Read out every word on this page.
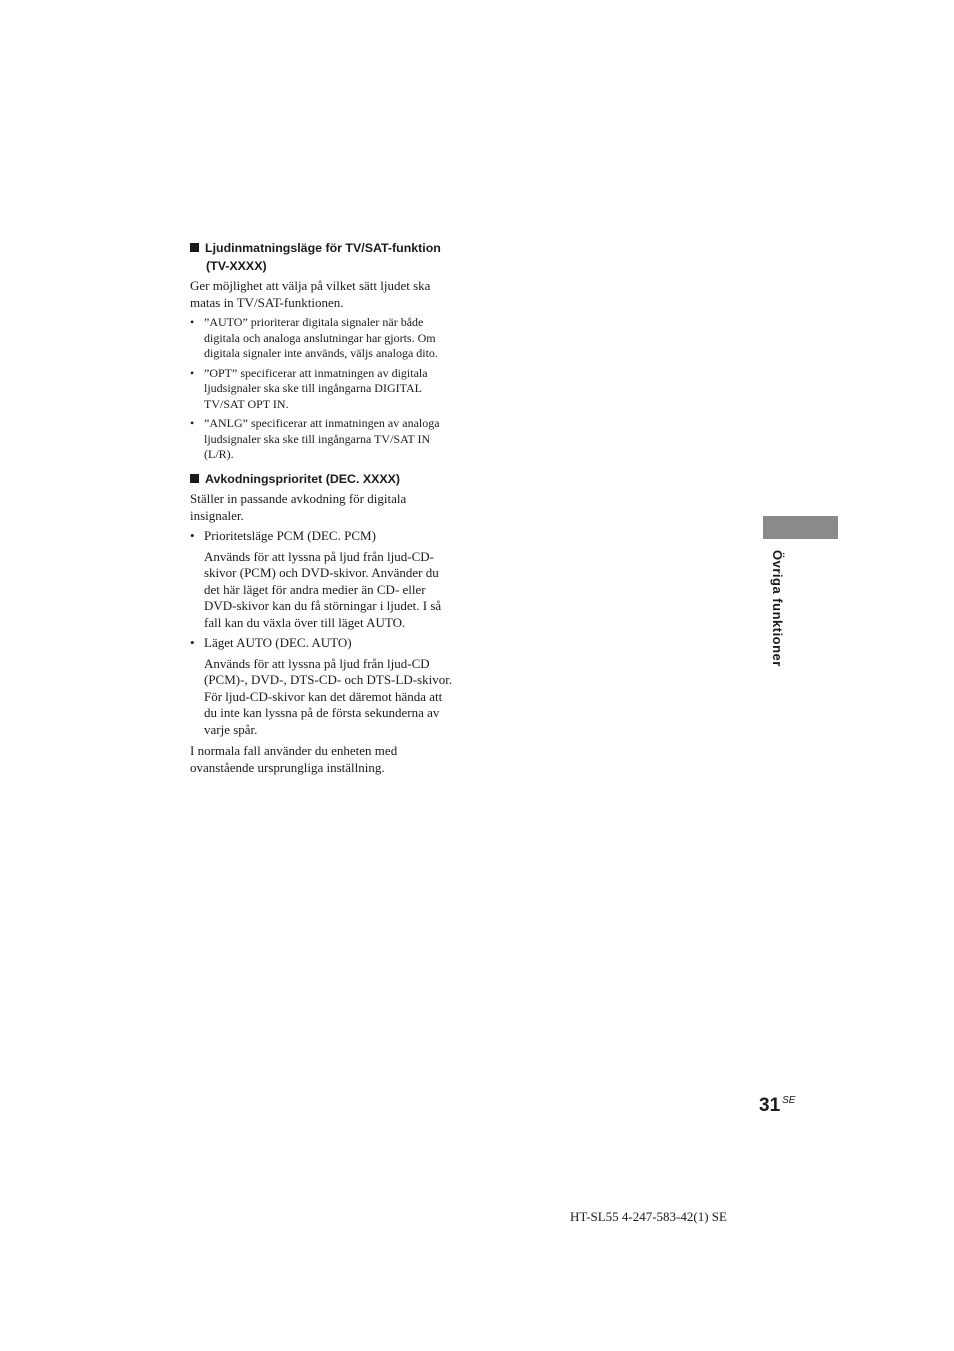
Ljudinmatningsläge för TV/SAT-funktion (TV-XXXX)

Ger möjlighet att välja på vilket sätt ljudet ska matas in TV/SAT-funktionen.

• ”AUTO” prioriterar digitala signaler när både digitala och analoga anslutningar har gjorts. Om digitala signaler inte används, väljs analoga dito.
• ”OPT” specificerar att inmatningen av digitala ljudsignaler ska ske till ingångarna DIGITAL TV/SAT OPT IN.
• ”ANLG” specificerar att inmatningen av analoga ljudsignaler ska ske till ingångarna TV/SAT IN (L/R).

Avkodningsprioritet (DEC. XXXX)

Ställer in passande avkodning för digitala insignaler.

• Prioritetsläge PCM (DEC. PCM)

Används för att lyssna på ljud från ljud-CD-skivor (PCM) och DVD-skivor. Använder du det här läget för andra medier än CD- eller DVD-skivor kan du få störningar i ljudet. I så fall kan du växla över till läget AUTO.

• Läget AUTO (DEC. AUTO)

Används för att lyssna på ljud från ljud-CD (PCM)-, DVD-, DTS-CD- och DTS-LD-skivor. För ljud-CD-skivor kan det däremot hända att du inte kan lyssna på de första sekunderna av varje spår.

I normala fall använder du enheten med ovanstående ursprungliga inställning.

Övriga funktioner
31 $^{SE}$
HT-SL55 4-247-583-42(1) SE
